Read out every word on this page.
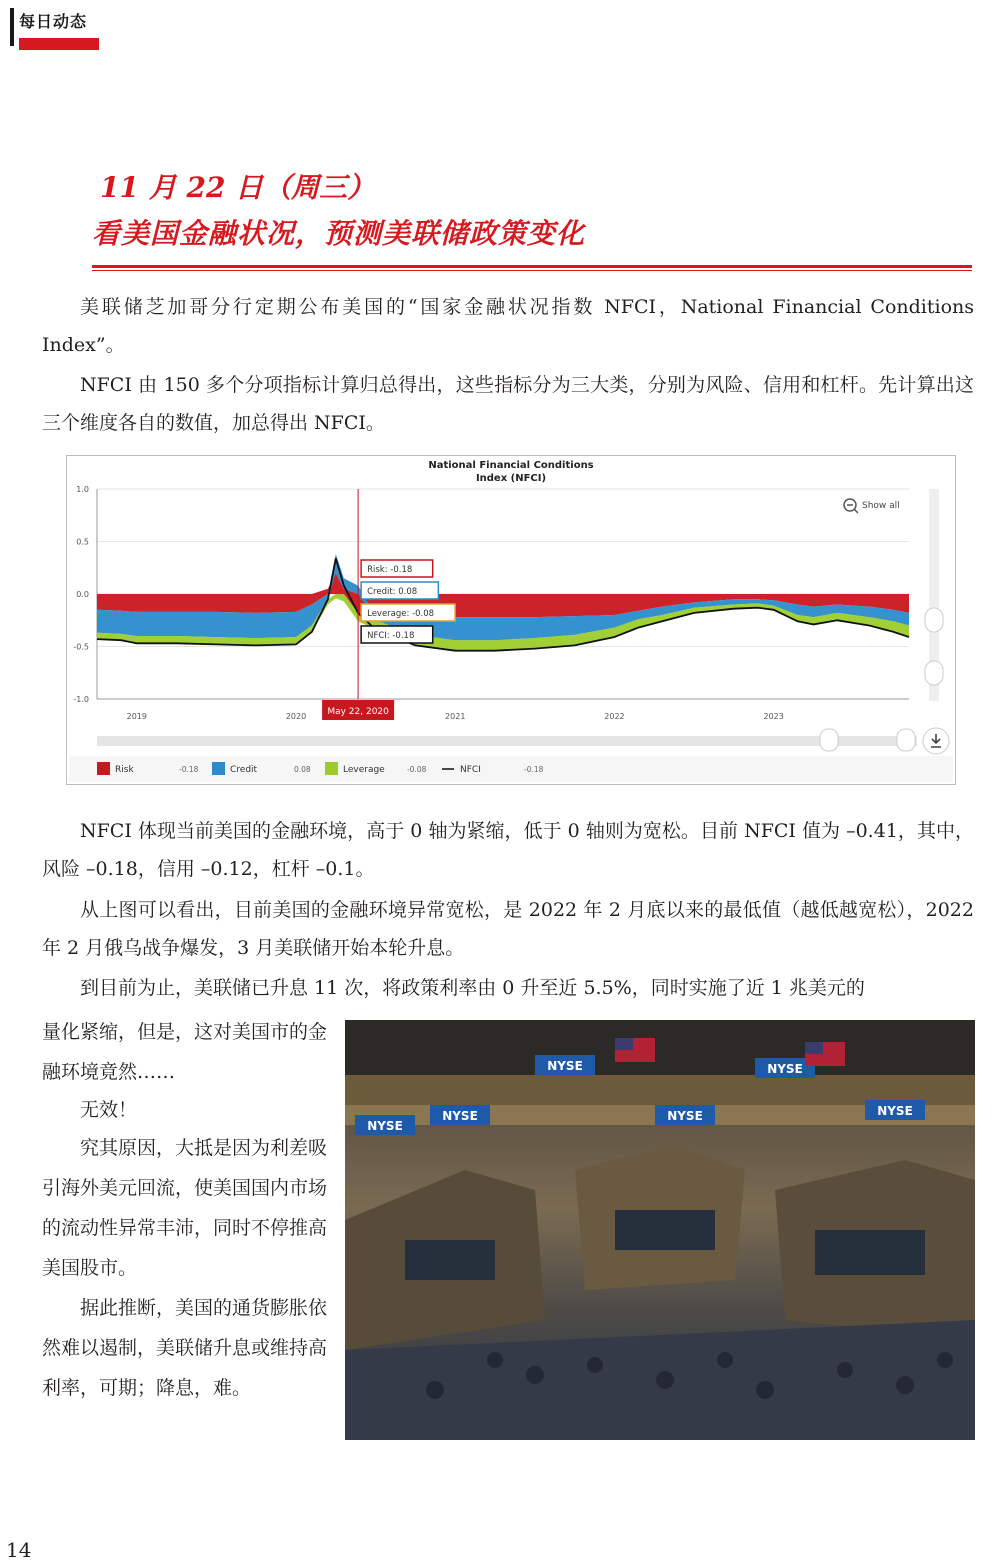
每日动态
11 月 22 日（周三）
看美国金融状况，预测美联储政策变化

美联储芝加哥分行定期公布美国的“国家金融状况指数 NFCI，National Financial Conditions Index”。

NFCI 由 150 多个分项指标计算归总得出，这些指标分为三大类，分别为风险、信用和杠杆。先计算出这三个维度各自的数值，加总得出 NFCI。

National Financial Conditions
Index (NFCI)
1.0
0.5
0.0
-0.5
-1.0
2019	2020	2021	2022	2023
May 22, 2020
Risk: -0.18
Credit: 0.08
Leverage: -0.08
NFCI: -0.18
Show all
Risk	-0.18	Credit	0.08	Leverage	-0.08	NFCI	-0.18

NFCI 体现当前美国的金融环境，高于 0 轴为紧缩，低于 0 轴则为宽松。目前 NFCI 值为 –0.41，其中，风险 –0.18，信用 –0.12，杠杆 –0.1。

从上图可以看出，目前美国的金融环境异常宽松，是 2022 年 2 月底以来的最低值（越低越宽松），2022 年 2 月俄乌战争爆发，3 月美联储开始本轮升息。

到目前为止，美联储已升息 11 次，将政策利率由 0 升至近 5.5%，同时实施了近 1 兆美元的

量化紧缩，但是，这对美国市的金融环境竟然……

无效！

究其原因，大抵是因为利差吸引海外美元回流，使美国国内市场的流动性异常丰沛，同时不停推高美国股市。

据此推断，美国的通货膨胀依然难以遏制，美联储升息或维持高利率，可期；降息，难。

NYSE
NYSE
NYSE
NYSE
NYSE
NYSE
14
